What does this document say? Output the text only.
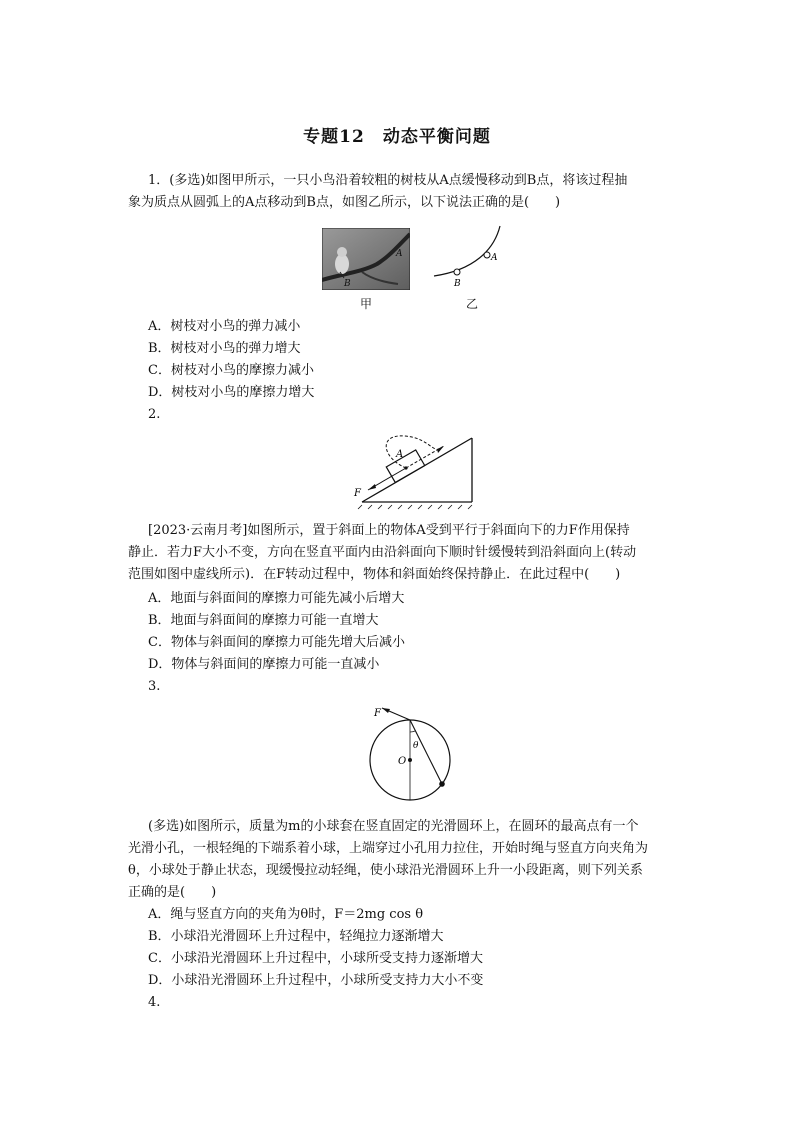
专题12　动态平衡问题
1．(多选)如图甲所示，一只小鸟沿着较粗的树枝从A点缓慢移动到B点，将该过程抽
象为质点从圆弧上的A点移动到B点，如图乙所示，以下说法正确的是(　　)
A
B
甲
A
B
乙
A．树枝对小鸟的弹力减小
B．树枝对小鸟的弹力增大
C．树枝对小鸟的摩擦力减小
D．树枝对小鸟的摩擦力增大
2.
A
F
[2023·云南月考]如图所示，置于斜面上的物体A受到平行于斜面向下的力F作用保持
静止．若力F大小不变，方向在竖直平面内由沿斜面向下顺时针缓慢转到沿斜面向上(转动
范围如图中虚线所示)．在F转动过程中，物体和斜面始终保持静止．在此过程中(　　)
A．地面与斜面间的摩擦力可能先减小后增大
B．地面与斜面间的摩擦力可能一直增大
C．物体与斜面间的摩擦力可能先增大后减小
D．物体与斜面间的摩擦力可能一直减小
3.
O
θ
F
(多选)如图所示，质量为m的小球套在竖直固定的光滑圆环上，在圆环的最高点有一个
光滑小孔，一根轻绳的下端系着小球，上端穿过小孔用力拉住，开始时绳与竖直方向夹角为
θ，小球处于静止状态，现缓慢拉动轻绳，使小球沿光滑圆环上升一小段距离，则下列关系
正确的是(　　)
A．绳与竖直方向的夹角为θ时，F＝2mg cos θ
B．小球沿光滑圆环上升过程中，轻绳拉力逐渐增大
C．小球沿光滑圆环上升过程中，小球所受支持力逐渐增大
D．小球沿光滑圆环上升过程中，小球所受支持力大小不变
4.
